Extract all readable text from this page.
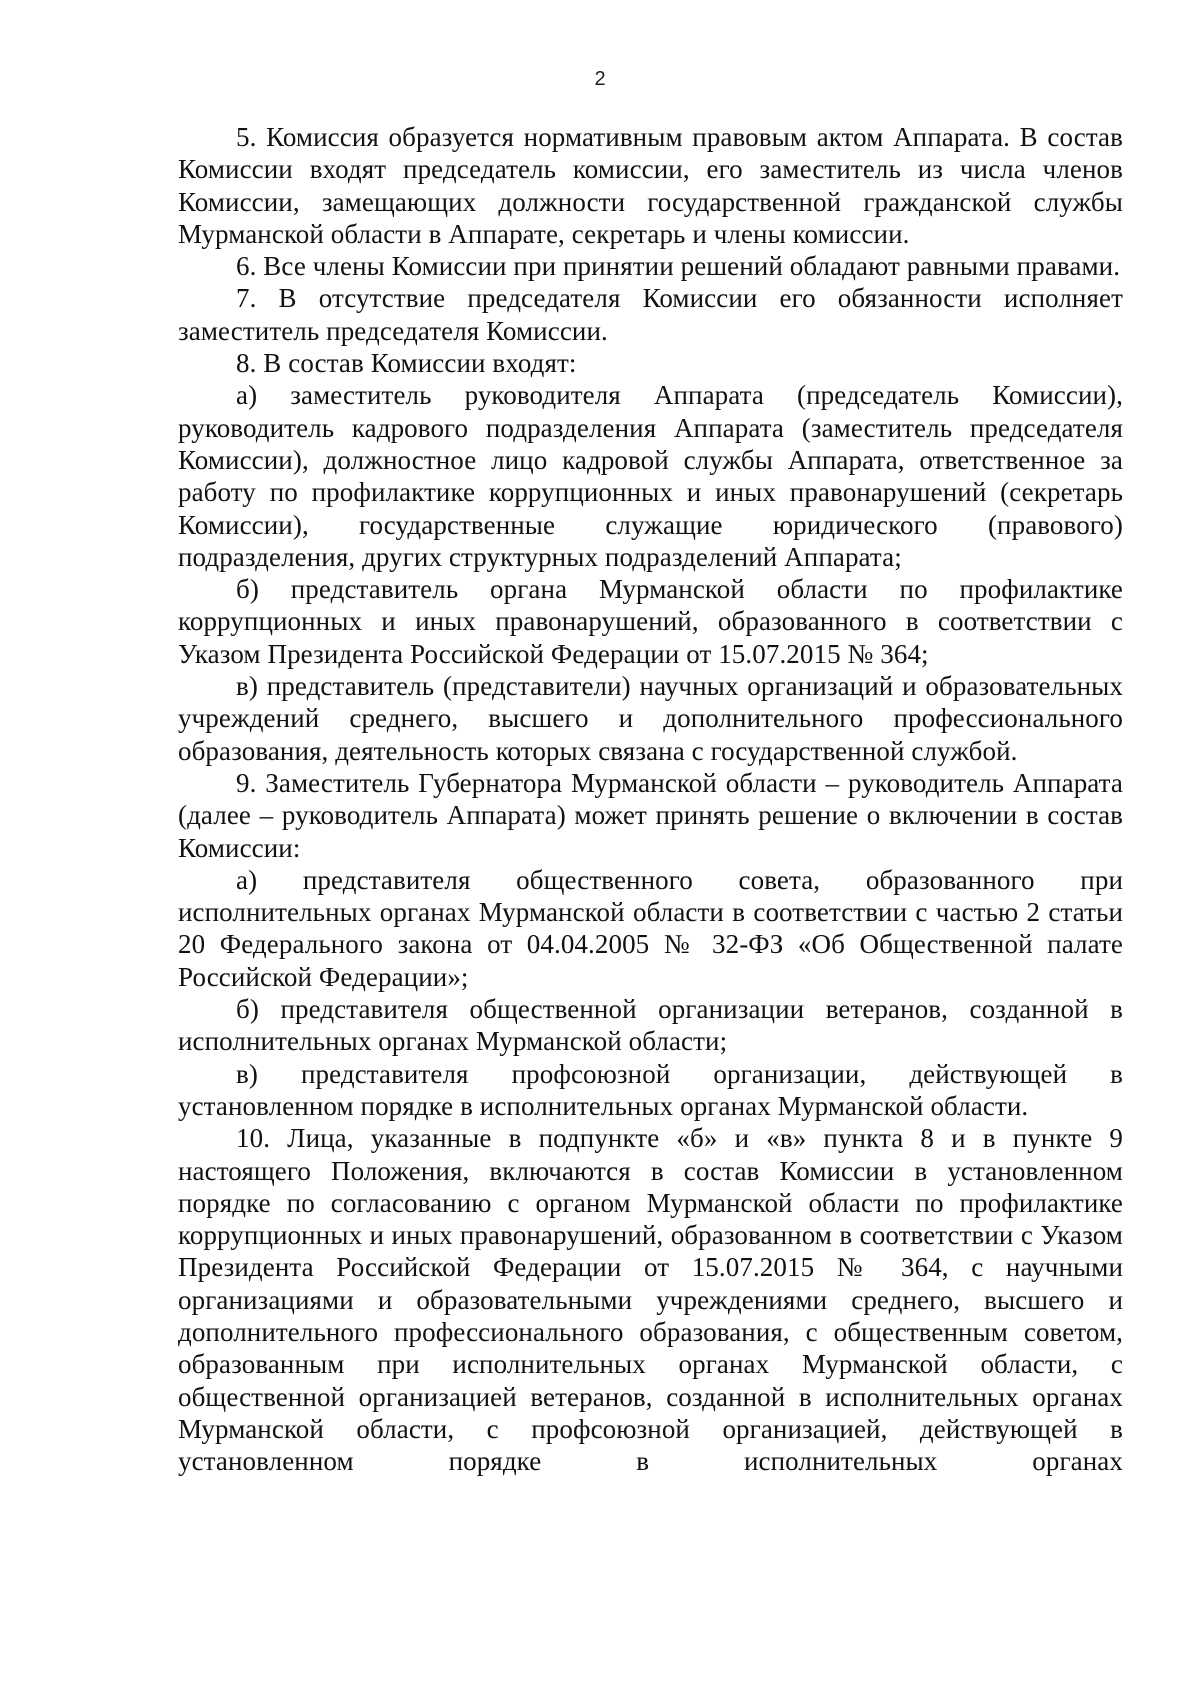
2

5. Комиссия образуется нормативным правовым актом Аппарата. В состав Комиссии входят председатель комиссии, его заместитель из числа членов Комиссии, замещающих должности государственной гражданской службы Мурманской области в Аппарате, секретарь и члены комиссии.

6. Все члены Комиссии при принятии решений обладают равными правами.

7. В отсутствие председателя Комиссии его обязанности исполняет заместитель председателя Комиссии.

8. В состав Комиссии входят:

а) заместитель руководителя Аппарата (председатель Комиссии), руководитель кадрового подразделения Аппарата (заместитель председателя Комиссии), должностное лицо кадровой службы Аппарата, ответственное за работу по профилактике коррупционных и иных правонарушений (секретарь Комиссии), государственные служащие юридического (правового) подразделения, других структурных подразделений Аппарата;

б) представитель органа Мурманской области по профилактике коррупционных и иных правонарушений, образованного в соответствии с Указом Президента Российской Федерации от 15.07.2015 № 364;

в) представитель (представители) научных организаций и образовательных учреждений среднего, высшего и дополнительного профессионального образования, деятельность которых связана с государственной службой.

9. Заместитель Губернатора Мурманской области – руководитель Аппарата (далее – руководитель Аппарата) может принять решение о включении в состав Комиссии:

а) представителя общественного совета, образованного при исполнительных органах Мурманской области в соответствии с частью 2 статьи 20 Федерального закона от 04.04.2005 № 32-ФЗ «Об Общественной палате Российской Федерации»;

б) представителя общественной организации ветеранов, созданной в исполнительных органах Мурманской области;

в) представителя профсоюзной организации, действующей в установленном порядке в исполнительных органах Мурманской области.

10. Лица, указанные в подпункте «б» и «в» пункта 8 и в пункте 9 настоящего Положения, включаются в состав Комиссии в установленном порядке по согласованию с органом Мурманской области по профилактике коррупционных и иных правонарушений, образованном в соответствии с Указом Президента Российской Федерации от 15.07.2015 № 364, с научными организациями и образовательными учреждениями среднего, высшего и дополнительного профессионального образования, с общественным советом, образованным при исполнительных органах Мурманской области, с общественной организацией ветеранов, созданной в исполнительных органах Мурманской области, с профсоюзной организацией, действующей в установленном порядке в исполнительных органах
